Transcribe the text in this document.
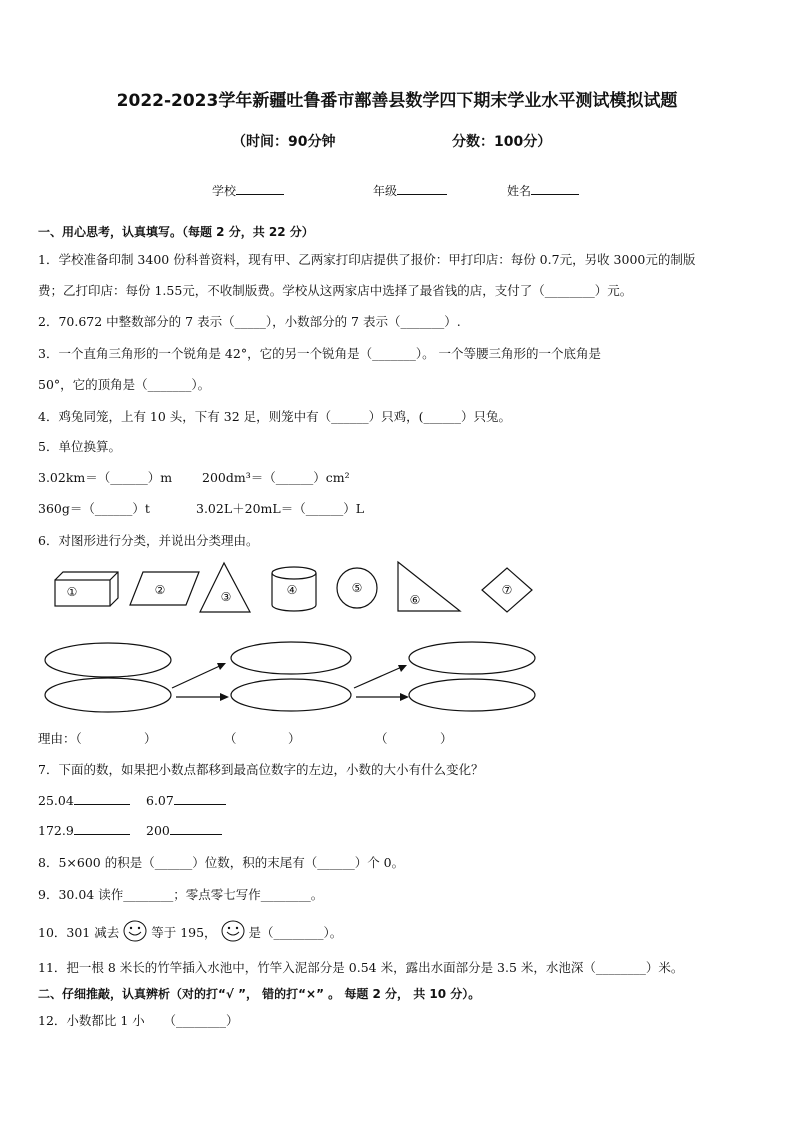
2022-2023学年新疆吐鲁番市鄯善县数学四下期末学业水平测试模拟试题
（时间：90分钟	分数：100分）
学校	年级	姓名
一、用心思考，认真填写。（每题 2 分，共 22 分）
1．学校准备印制 3400 份科普资料，现有甲、乙两家打印店提供了报价：甲打印店：每份 0.7元，另收 3000元的制版
费；乙打印店：每份 1.55元，不收制版费。学校从这两家店中选择了最省钱的店，支付了（________）元。
2．70.672 中整数部分的 7 表示（_____），小数部分的 7 表示（_______）.
3．一个直角三角形的一个锐角是 42°，它的另一个锐角是（_______）。 一个等腰三角形的一个底角是
50°，它的顶角是（_______）。
4．鸡兔同笼，上有 10 头，下有 32 足，则笼中有（______）只鸡，(______）只兔。
5．单位换算。
3.02km＝（______）m 200dm³＝（______）cm²
360g＝（______）t	3.02L＋20mL＝（______）L
6．对图形进行分类，并说出分类理由。
①	②	③	④	⑤
⑥
⑦
理由：（	）	（	）	（	）
7．下面的数，如果把小数点都移到最高位数字的左边，小数的大小有什么变化？
25.04	6.07
172.9	200
8．5×600 的积是（______）位数，积的末尾有（______）个 0。
9．30.04 读作________；零点零七写作________。
10．301 减去	等于 195，	是（________）。
11．把一根 8 米长的竹竿插入水池中，竹竿入泥部分是 0.54 米，露出水面部分是 3.5 米，水池深（________）米。
二、仔细推敲，认真辨析（对的打“√ ”， 错的打“×” 。 每题 2 分， 共 10 分）。
12．小数都比 1 小　　（________）
